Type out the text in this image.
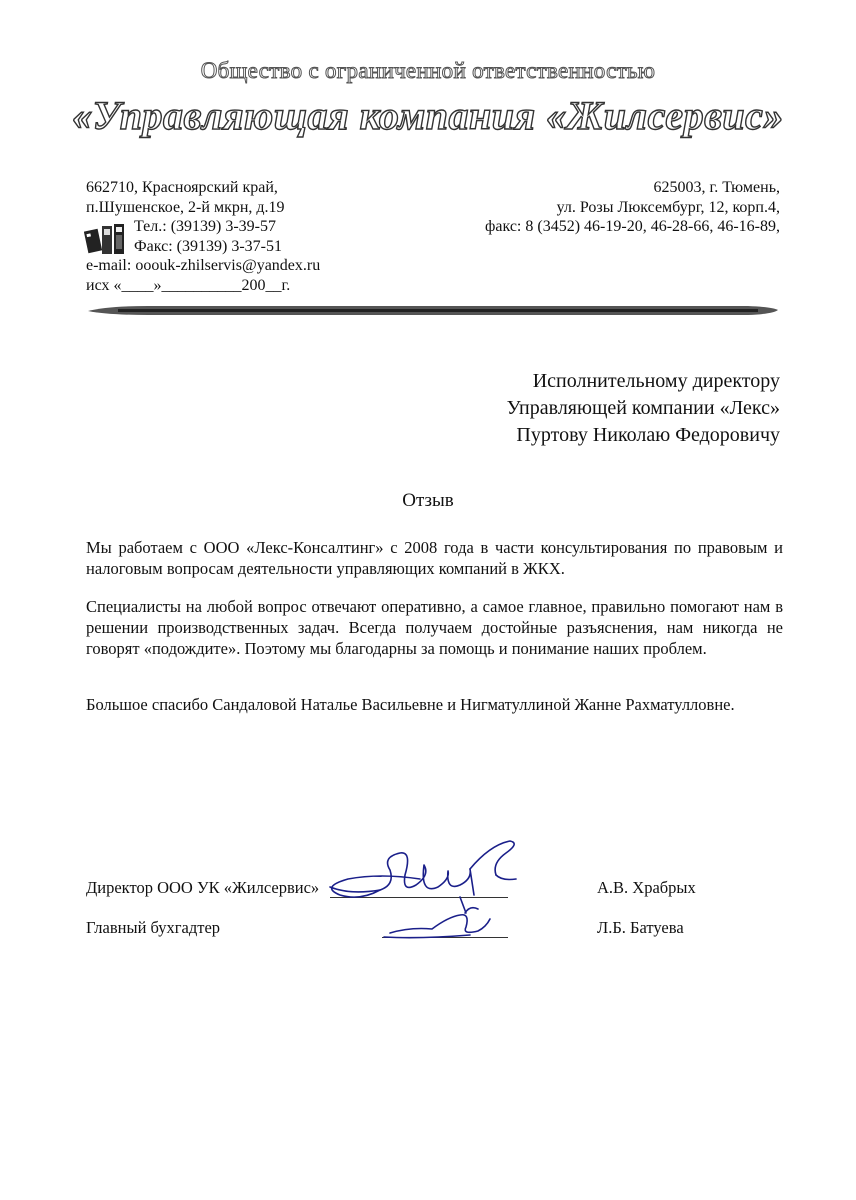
Общество с ограниченной ответственностью
«Управляющая компания «Жилсервис»
662710, Красноярский край,
п.Шушенское, 2-й мкрн, д.19
Тел.: (39139) 3-39-57
Факс: (39139) 3-37-51
e-mail: ooouk-zhilservis@yandex.ru
исх «____»__________200__г.
625003, г. Тюмень,
ул. Розы Люксембург, 12, корп.4,
факс: 8 (3452) 46-19-20, 46-28-66, 46-16-89,
Исполнительному директору
Управляющей компании «Лекс»
Пуртову Николаю Федоровичу
Отзыв
Мы работаем с ООО «Лекс-Консалтинг» с 2008 года в части консультирования по правовым и налоговым вопросам деятельности управляющих компаний в ЖКХ.
Специалисты на любой вопрос отвечают оперативно, а самое главное, правильно помогают нам в решении производственных задач. Всегда получаем достойные разъяснения, нам никогда не говорят «подождите». Поэтому мы благодарны за помощь и понимание наших проблем.
Большое спасибо Сандаловой Наталье Васильевне и Нигматуллиной Жанне Рахматулловне.
Директор ООО УК «Жилсервис»	А.В. Храбрых
Главный бухгадтер	Л.Б. Батуева
